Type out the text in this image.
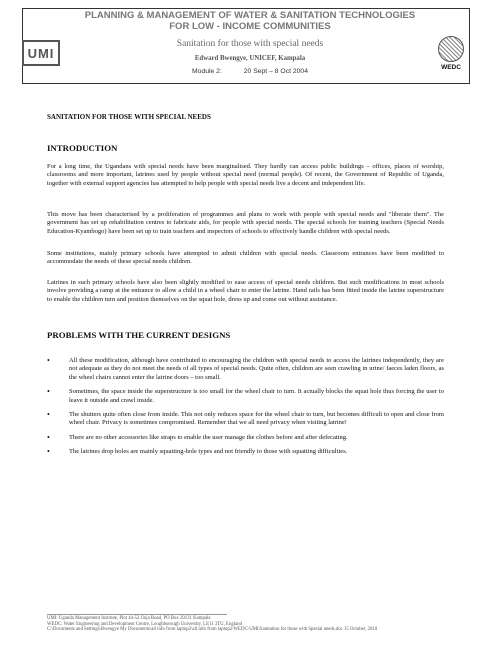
UMI
WEDC
PLANNING & MANAGEMENT OF WATER & SANITATION TECHNOLOGIES
FOR LOW - INCOME COMMUNITIES
Sanitation for those with special needs
Edward Bwengye, UNICEF, Kampala
Module 2:	20 Sept – 8 Oct 2004
SANITATION FOR THOSE WITH SPECIAL NEEDS
INTRODUCTION
For a long time, the Ugandans with special needs have been marginalised. They hardly can access public buildings – offices, places of worship, classrooms and more important, latrines used by people without special need (normal people). Of recent, the Government of Republic of Uganda, together with external support agencies has attempted to help people with special needs live a decent and independent life.
This move has been characterised by a proliferation of programmes and plans to work with people with special needs and "liberate them". The government has set up rehabilitation centres to fabricate aids, for people with special needs. The special schools for training teachers (Special Needs Education-Kyambogo) have been set up to train teachers and inspectors of schools to effectively handle children with special needs.
Some institutions, mainly primary schools have attempted to admit children with special needs. Classroom entrances have been modified to accommodate the needs of these special needs children.
Latrines in such primary schools have also been slightly modified to ease access of special needs children. But such modifications in most schools involve providing a ramp at the entrance to allow a child in a wheel chair to enter the latrine. Hand rails has been fitted inside the latrine superstructure to enable the children turn and position themselves on the squat hole, dress up and come out without assistance.
PROBLEMS WITH THE CURRENT DESIGNS
•	All these modification, although have contributed to encouraging the children with special needs to access the latrines independently, they are not adequate as they do not meet the needs of all types of special needs. Quite often, children are seen crawling in urine/ faeces laden floors, as the wheel chairs cannot enter the latrine doors – too small.
•	Sometimes, the space inside the superstructure is too small for the wheel chair to turn. It actually blocks the squat hole thus forcing the user to leave it outside and crawl inside.
•	The shutters quite often close from inside. This not only reduces space for the wheel chair to turn, but becomes difficult to open and close from wheel chair. Privacy is sometimes compromised. Remember that we all need privacy when visiting latrine!
•	There are no other accessories like straps to enable the user manage the clothes before and after defecating.
•	The latrines drop holes are mainly squatting-hole types and not friendly to those with squatting difficulties.
UMI: Uganda Management Institute, Plot 44-52 Jinja Road, PO Box 20131 Kampala
WEDC: Water Engineering and Development Centre, Loughborough University, LE11 3TU, England
C:\Documents and Settings\Bwengye My Documents\all info from laptop2\all info from laptop2\WEDC-UMI\Sanitation for those with Special needs.doc 15 October, 2010
